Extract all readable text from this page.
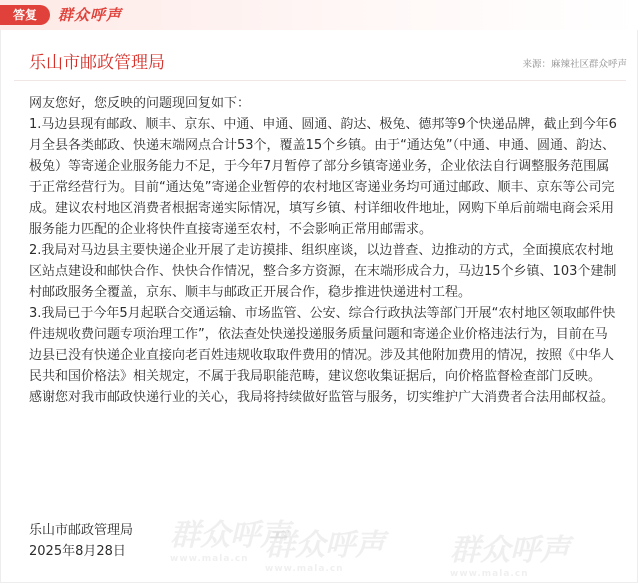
答复	群众呼声
乐山市邮政管理局	来源：麻辣社区群众呼声

网友您好，您反映的问题现回复如下：

1.马边县现有邮政、顺丰、京东、中通、申通、圆通、韵达、极兔、德邦等9个快递品牌，截止到今年6月全县各类邮政、快递末端网点合计53个，覆盖15个乡镇。由于“通达兔”（中通、申通、圆通、韵达、极兔）等寄递企业服务能力不足，于今年7月暂停了部分乡镇寄递业务，企业依法自行调整服务范围属于正常经营行为。目前“通达兔”寄递企业暂停的农村地区寄递业务均可通过邮政、顺丰、京东等公司完成。建议农村地区消费者根据寄递实际情况，填写乡镇、村详细收件地址，网购下单后前端电商会采用服务能力匹配的企业将快件直接寄递至农村，不会影响正常用邮需求。

2.我局对马边县主要快递企业开展了走访摸排、组织座谈，以边普查、边推动的方式，全面摸底农村地区站点建设和邮快合作、快快合作情况，整合多方资源，在末端形成合力，马边15个乡镇、103个建制村邮政服务全覆盖，京东、顺丰与邮政正开展合作，稳步推进快递进村工程。

3.我局已于今年5月起联合交通运输、市场监管、公安、综合行政执法等部门开展“农村地区领取邮件快件违规收费问题专项治理工作”，依法查处快递投递服务质量问题和寄递企业价格违法行为，目前在马边县已没有快递企业直接向老百姓违规收取取件费用的情况。涉及其他附加费用的情况，按照《中华人民共和国价格法》相关规定，不属于我局职能范畴，建议您收集证据后，向价格监督检查部门反映。

感谢您对我市邮政快递行业的关心，我局将持续做好监管与服务，切实维护广大消费者合法用邮权益。

乐山市邮政管理局
2025年8月28日
